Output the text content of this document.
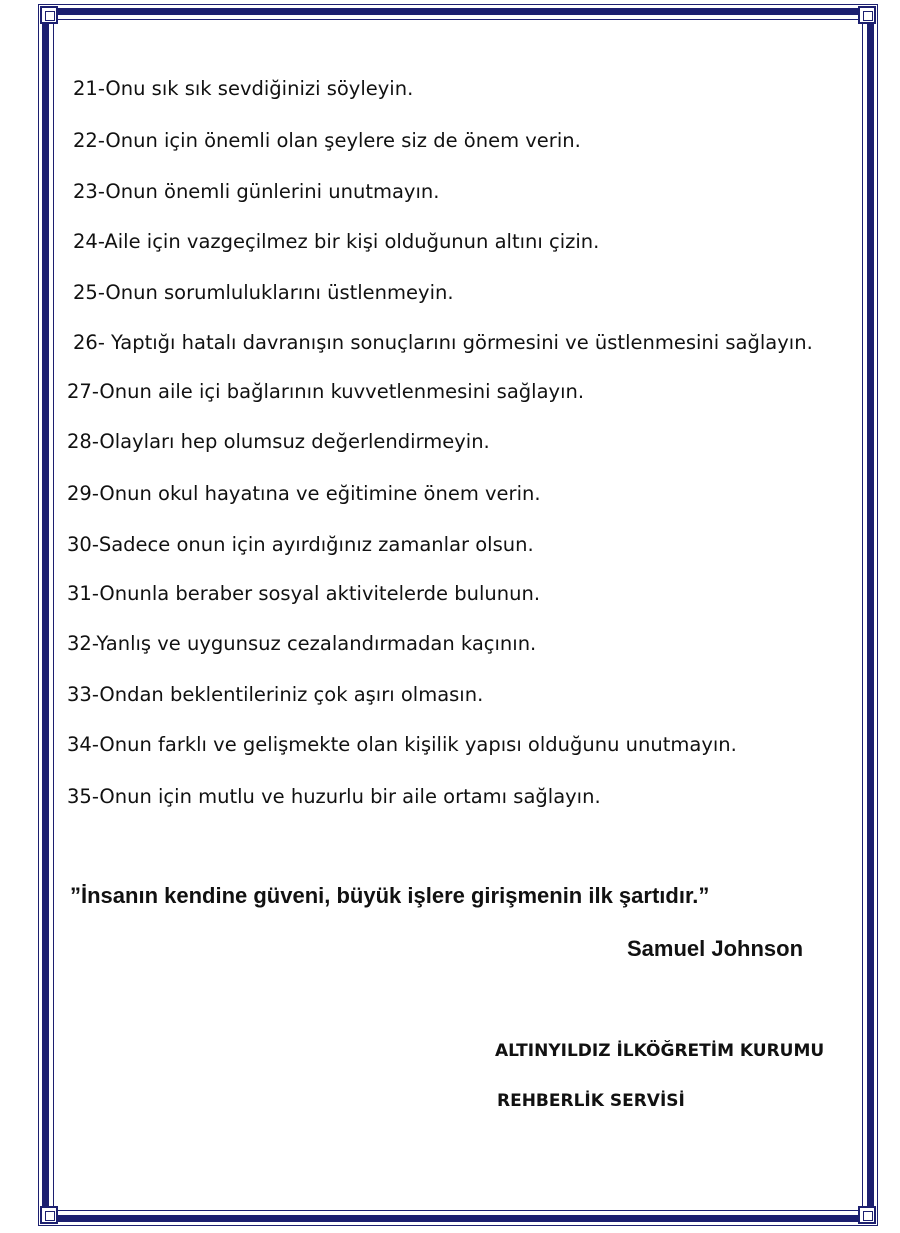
21-Onu sık sık sevdiğinizi söyleyin.

22-Onun için önemli olan şeylere siz de önem verin.

23-Onun önemli günlerini unutmayın.

24-Aile için vazgeçilmez bir kişi olduğunun altını çizin.

25-Onun sorumluluklarını üstlenmeyin.

26- Yaptığı hatalı davranışın sonuçlarını görmesini ve üstlenmesini sağlayın.

27-Onun aile içi bağlarının kuvvetlenmesini sağlayın.

28-Olayları hep olumsuz değerlendirmeyin.

29-Onun okul hayatına ve eğitimine önem verin.

30-Sadece onun için ayırdığınız zamanlar olsun.

31-Onunla beraber sosyal aktivitelerde bulunun.

32-Yanlış ve uygunsuz cezalandırmadan kaçının.

33-Ondan beklentileriniz çok aşırı olmasın.

34-Onun farklı ve gelişmekte olan kişilik yapısı olduğunu unutmayın.

35-Onun için mutlu ve huzurlu bir aile ortamı sağlayın.

”İnsanın kendine güveni, büyük işlere girişmenin ilk şartıdır.”

Samuel Johnson

ALTINYILDIZ İLKÖĞRETİM KURUMU

REHBERLİK SERVİSİ
